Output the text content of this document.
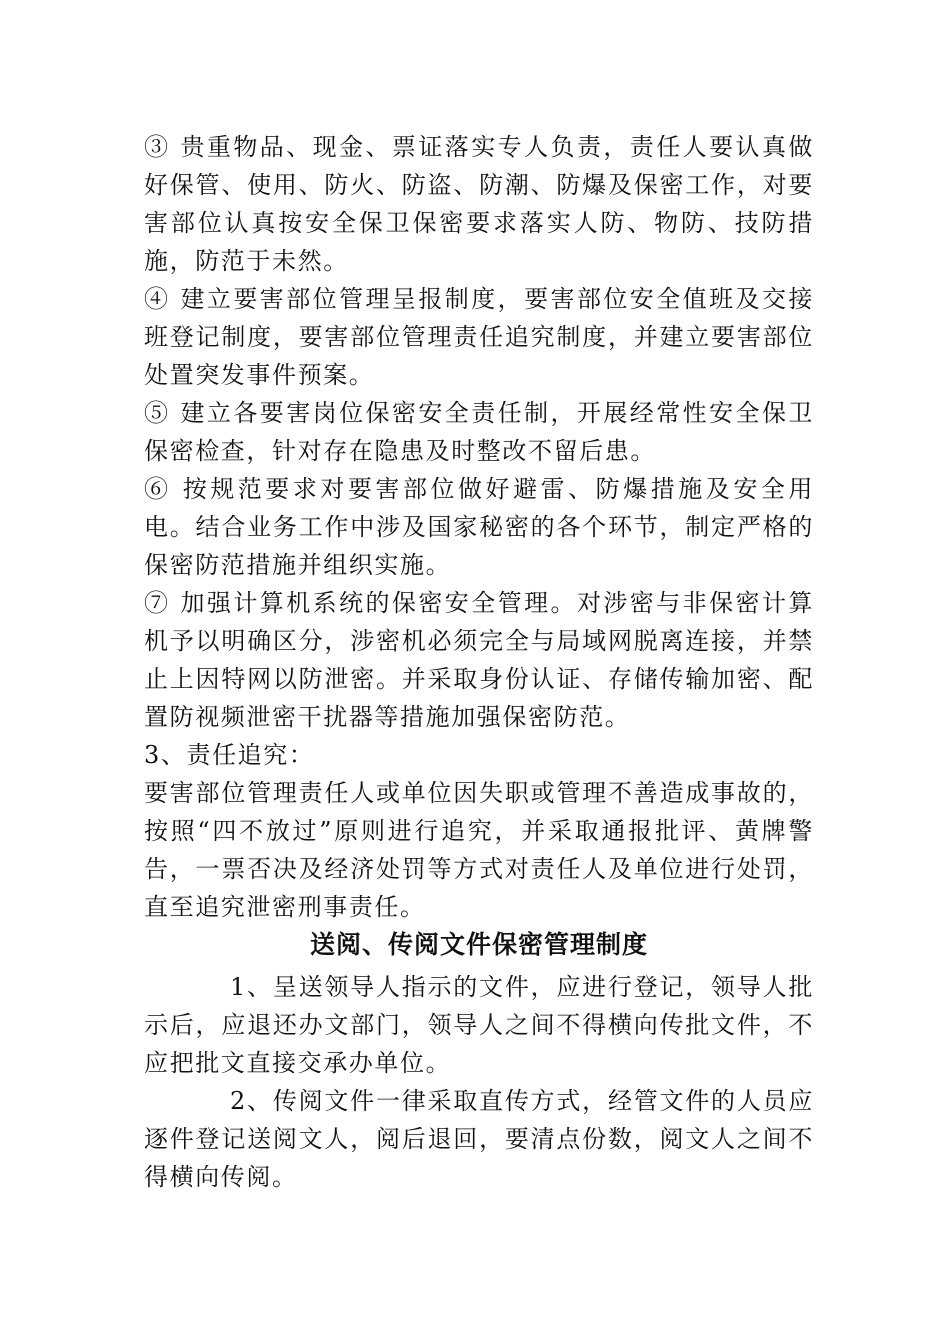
③ 贵重物品、现金、票证落实专人负责，责任人要认真做好保管、使用、防火、防盗、防潮、防爆及保密工作，对要害部位认真按安全保卫保密要求落实人防、物防、技防措施，防范于未然。

④ 建立要害部位管理呈报制度，要害部位安全值班及交接班登记制度，要害部位管理责任追究制度，并建立要害部位处置突发事件预案。

⑤ 建立各要害岗位保密安全责任制，开展经常性安全保卫保密检查，针对存在隐患及时整改不留后患。

⑥ 按规范要求对要害部位做好避雷、防爆措施及安全用电。结合业务工作中涉及国家秘密的各个环节，制定严格的保密防范措施并组织实施。

⑦ 加强计算机系统的保密安全管理。对涉密与非保密计算机予以明确区分，涉密机必须完全与局域网脱离连接，并禁止上因特网以防泄密。并采取身份认证、存储传输加密、配置防视频泄密干扰器等措施加强保密防范。

3、责任追究：

要害部位管理责任人或单位因失职或管理不善造成事故的，按照“四不放过”原则进行追究，并采取通报批评、黄牌警告，一票否决及经济处罚等方式对责任人及单位进行处罚，直至追究泄密刑事责任。

送阅、传阅文件保密管理制度

1、呈送领导人指示的文件，应进行登记，领导人批示后，应退还办文部门，领导人之间不得横向传批文件，不应把批文直接交承办单位。

2、传阅文件一律采取直传方式，经管文件的人员应逐件登记送阅文人，阅后退回，要清点份数，阅文人之间不得横向传阅。
